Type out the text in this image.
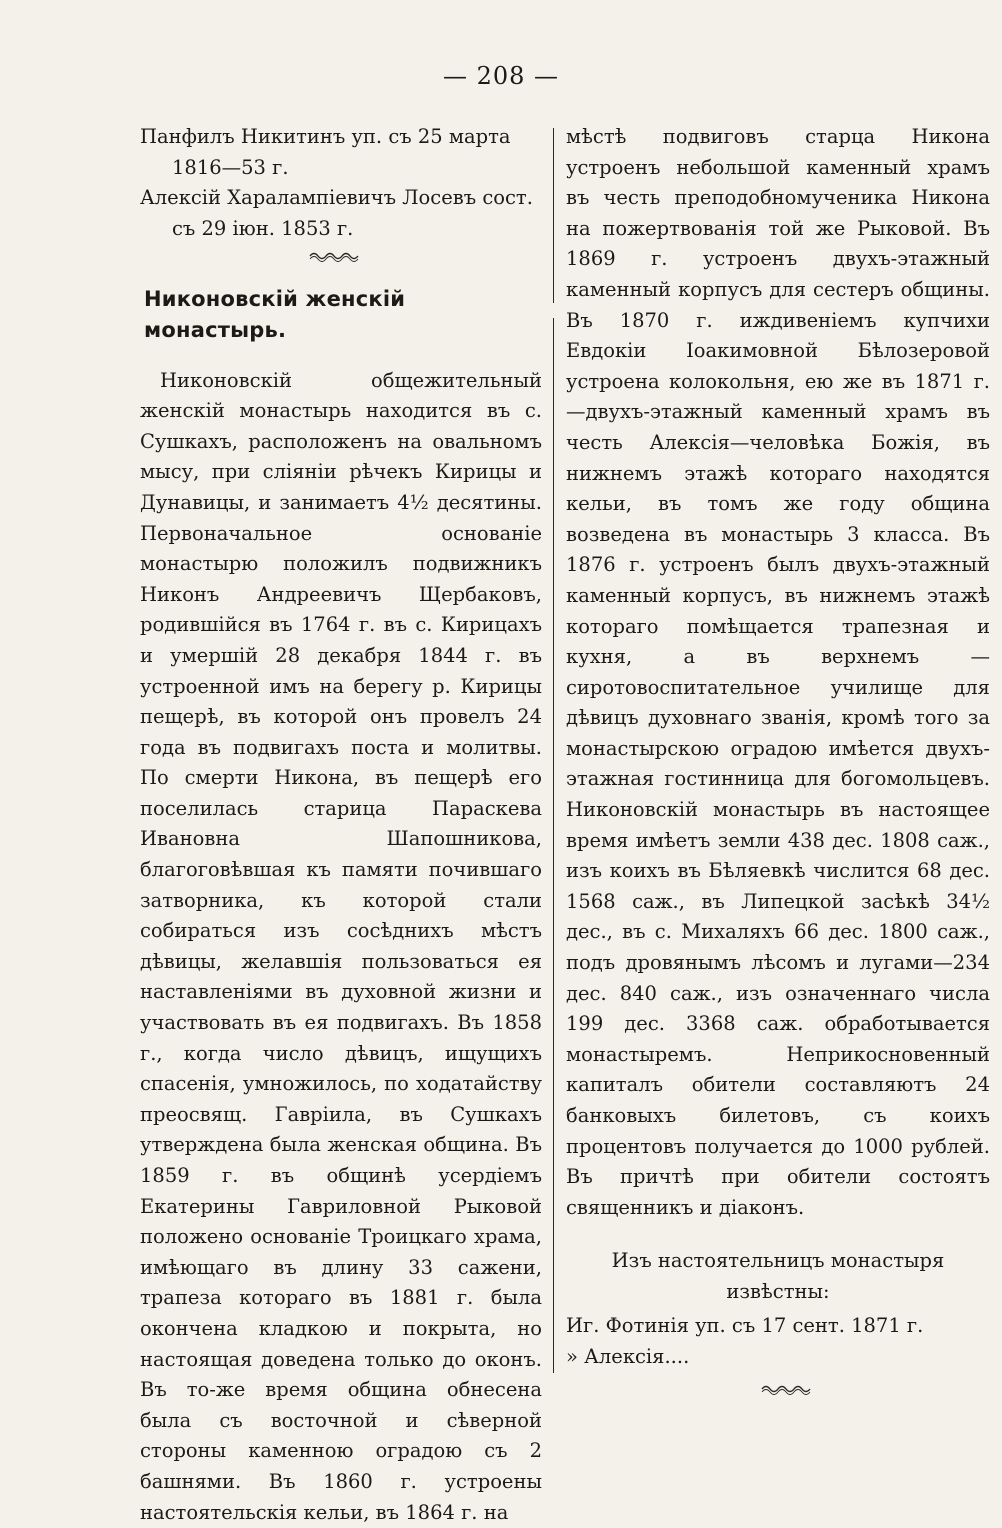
— 208 —

Панфилъ Никитинъ уп. съ 25 марта
1816—53 г.

Алексiй Харалампiевичъ Лосевъ сост.
съ 29 iюн. 1853 г.

Никоновскiй женскiй монастырь.

Никоновскiй общежительный женскiй монастырь находится въ с. Сушкахъ, расположенъ на овальномъ мысу, при слiянiи рѣчекъ Кирицы и Дунавицы, и занимаетъ 4½ десятины. Первоначальное основанiе монастырю положилъ подвижникъ Никонъ Андреевичъ Щербаковъ, родившiйся въ 1764 г. въ с. Кирицахъ и умершiй 28 декабря 1844 г. въ устроенной имъ на берегу р. Кирицы пещерѣ, въ которой онъ провелъ 24 года въ подвигахъ поста и молитвы. По смерти Никона, въ пещерѣ его поселилась старица Параскева Ивановна Шапошникова, благоговѣвшая къ памяти почившаго затворника, къ которой стали собираться изъ сосѣднихъ мѣстъ дѣвицы, желавшiя пользоваться ея наставленiями въ духовной жизни и участвовать въ ея подвигахъ. Въ 1858 г., когда число дѣвицъ, ищущихъ спасенiя, умножилось, по ходатайству преосвящ. Гаврiила, въ Сушкахъ утверждена была женская община. Въ 1859 г. въ общинѣ усердiемъ Екатерины Гавриловной Рыковой положено основанiе Троицкаго храма, имѣющаго въ длину 33 сажени, трапеза котораго въ 1881 г. была окончена кладкою и покрыта, но настоящая доведена только до оконъ. Въ то-же время община обнесена была съ восточной и сѣверной стороны каменною оградою съ 2 башнями. Въ 1860 г. устроены настоятельскiя кельи, въ 1864 г. на

мѣстѣ подвиговъ старца Никона устроенъ небольшой каменный храмъ въ честь преподобномученика Никона на пожертвованiя той же Рыковой. Въ 1869 г. устроенъ двухъ-этажный каменный корпусъ для сестеръ общины. Въ 1870 г. иждивенiемъ купчихи Евдокiи Iоакимовной Бѣлозеровой устроена колокольня, ею же въ 1871 г.—двухъ-этажный каменный храмъ въ честь Алексiя—человѣка Божiя, въ нижнемъ этажѣ котораго находятся кельи, въ томъ же году община возведена въ монастырь 3 класса. Въ 1876 г. устроенъ былъ двухъ-этажный каменный корпусъ, въ нижнемъ этажѣ котораго помѣщается трапезная и кухня, а въ верхнемъ — сиротовоспитательное училище для дѣвицъ духовнаго званiя, кромѣ того за монастырскою оградою имѣется двухъ-этажная гостинница для богомольцевъ. Никоновскiй монастырь въ настоящее время имѣетъ земли 438 дес. 1808 саж., изъ коихъ въ Бѣляевкѣ числится 68 дес. 1568 саж., въ Липецкой засѣкѣ 34½ дес., въ с. Михаляхъ 66 дес. 1800 саж., подъ дровянымъ лѣсомъ и лугами—234 дес. 840 саж., изъ означеннаго числа 199 дес. 3368 саж. обработывается монастыремъ. Неприкосновенный капиталъ обители составляютъ 24 банковыхъ билетовъ, съ коихъ процентовъ получается до 1000 рублей. Въ причтѣ при обители состоятъ священникъ и дiаконъ.

Изъ настоятельницъ монастыря извѣстны:

Иг. Фотинiя уп. съ 17 сент. 1871 г.

» Алексiя....
